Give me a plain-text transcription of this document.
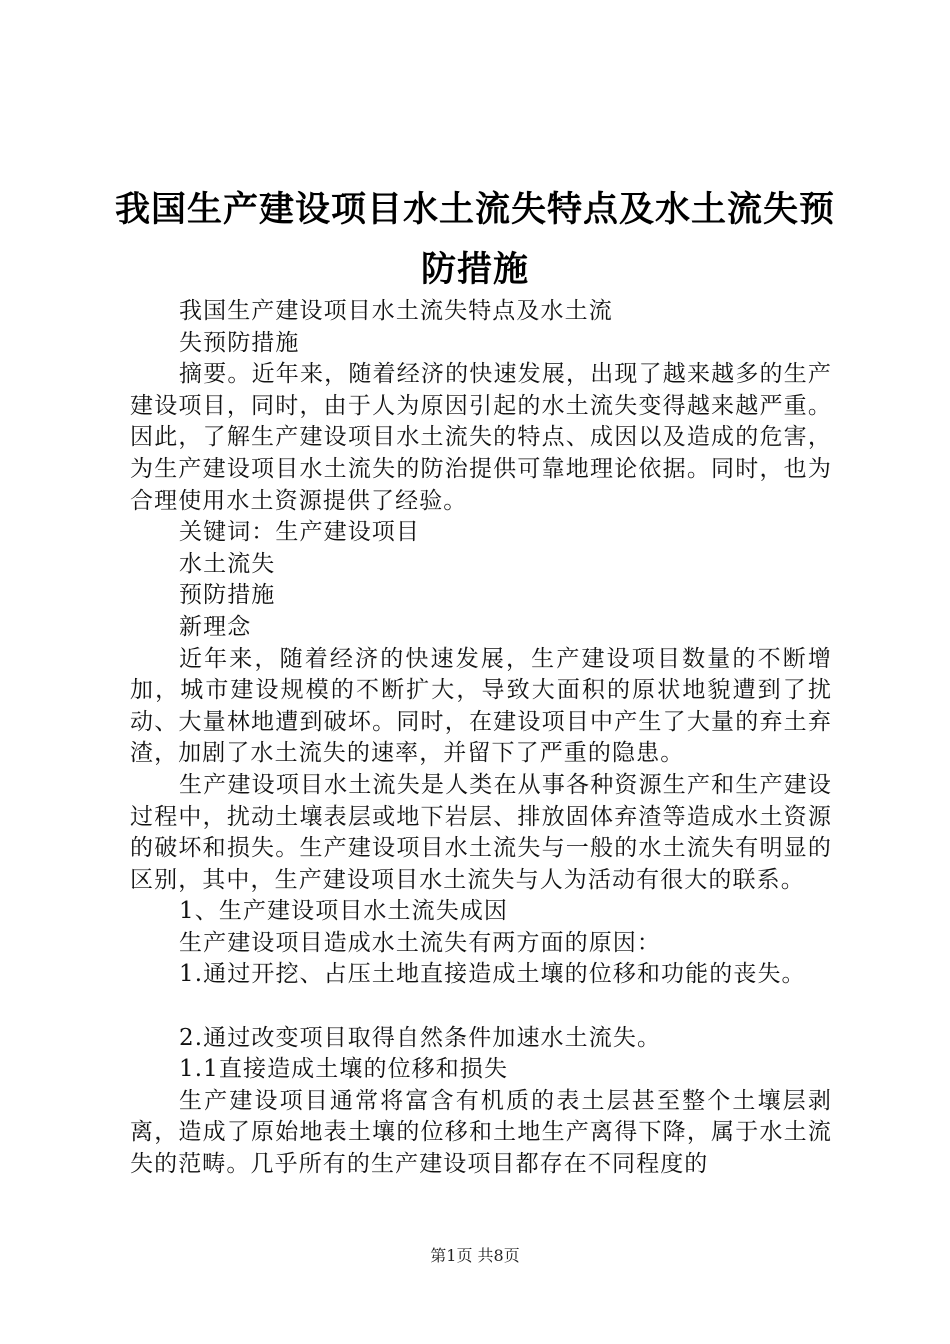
我国生产建设项目水土流失特点及水土流失预
防措施
我国生产建设项目水土流失特点及水土流
失预防措施

摘要。近年来，随着经济的快速发展，出现了越来越多的生产建设项目，同时，由于人为原因引起的水土流失变得越来越严重。因此，了解生产建设项目水土流失的特点、成因以及造成的危害，为生产建设项目水土流失的防治提供可靠地理论依据。同时，也为合理使用水土资源提供了经验。

关键词：生产建设项目
水土流失
预防措施
新理念

近年来，随着经济的快速发展，生产建设项目数量的不断增加，城市建设规模的不断扩大，导致大面积的原状地貌遭到了扰动、大量林地遭到破坏。同时，在建设项目中产生了大量的弃土弃渣，加剧了水土流失的速率，并留下了严重的隐患。

生产建设项目水土流失是人类在从事各种资源生产和生产建设过程中，扰动土壤表层或地下岩层、排放固体弃渣等造成水土资源的破坏和损失。生产建设项目水土流失与一般的水土流失有明显的区别，其中，生产建设项目水土流失与人为活动有很大的联系。

1、生产建设项目水土流失成因
生产建设项目造成水土流失有两方面的原因：
1.通过开挖、占压土地直接造成土壤的位移和功能的丧失。
2.通过改变项目取得自然条件加速水土流失。
1.1直接造成土壤的位移和损失

生产建设项目通常将富含有机质的表土层甚至整个土壤层剥离，造成了原始地表土壤的位移和土地生产离得下降，属于水土流失的范畴。几乎所有的生产建设项目都存在不同程度的

第1页 共8页
